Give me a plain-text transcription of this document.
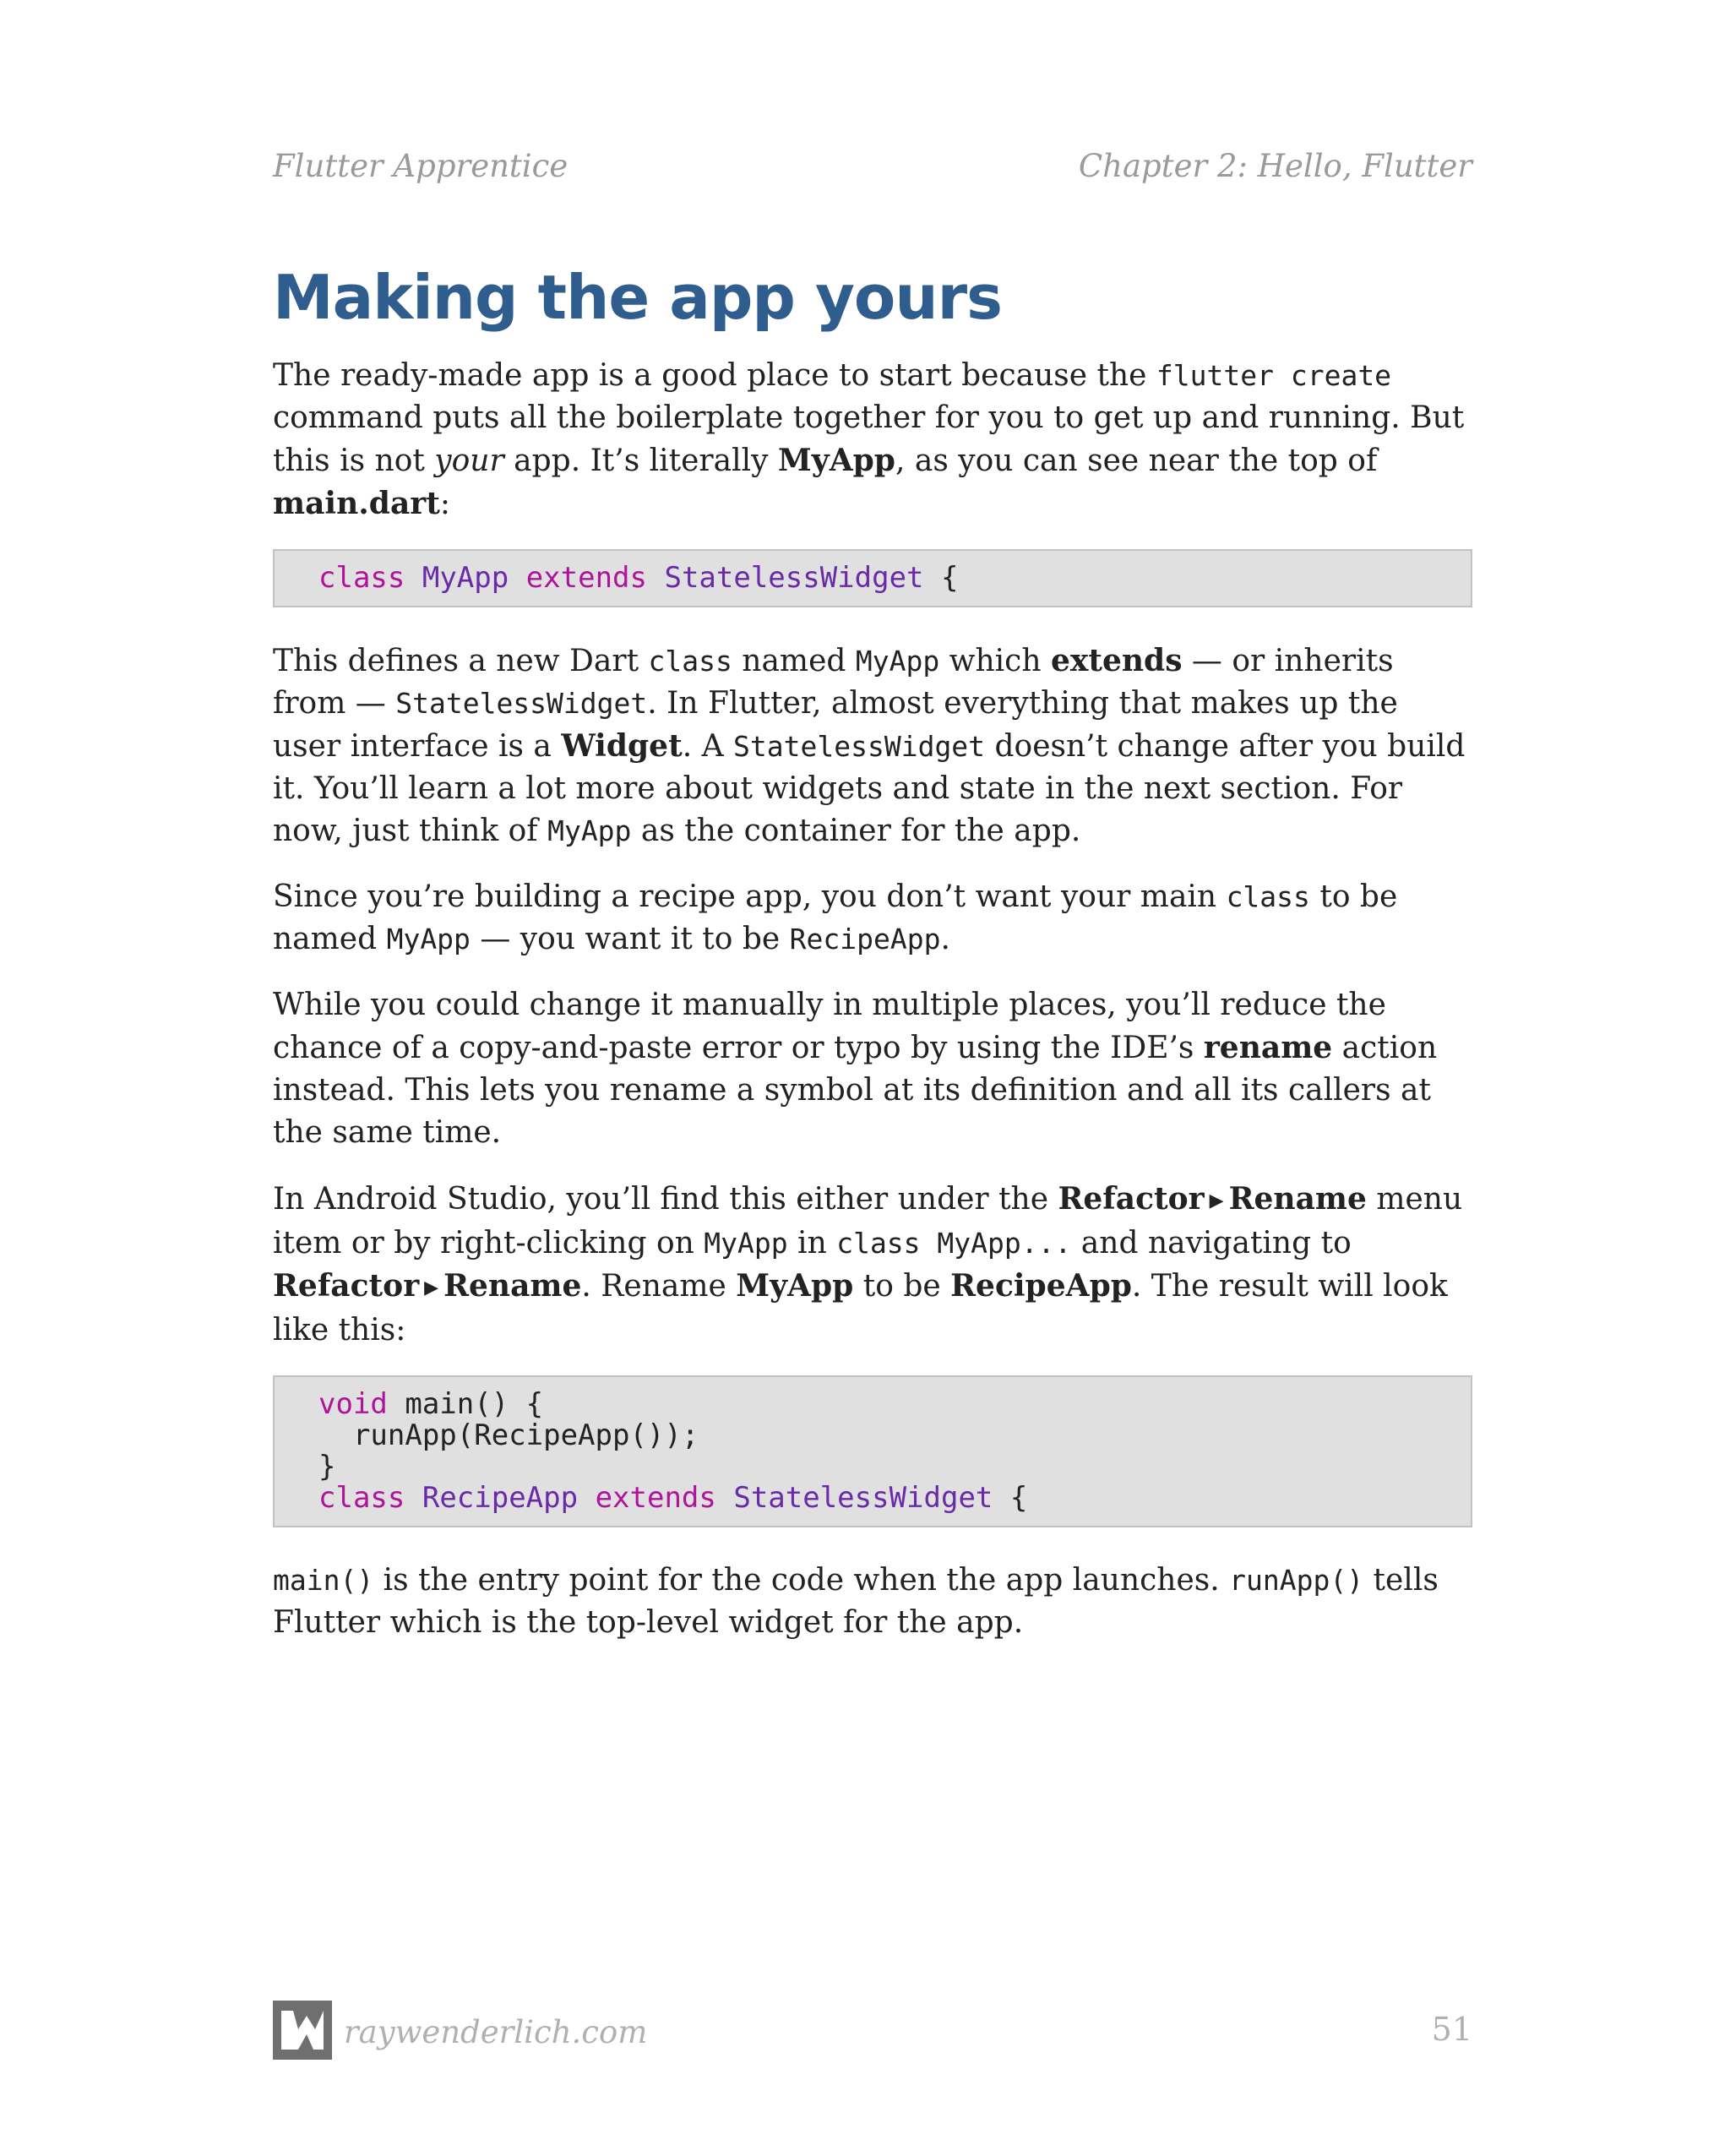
Flutter Apprentice	Chapter 2: Hello, Flutter
Making the app yours

The ready-made app is a good place to start because the flutter create command puts all the boilerplate together for you to get up and running. But this is not your app. It’s literally MyApp, as you can see near the top of main.dart:

class MyApp extends StatelessWidget {

This defines a new Dart class named MyApp which extends — or inherits from — StatelessWidget. In Flutter, almost everything that makes up the user interface is a Widget. A StatelessWidget doesn’t change after you build it. You’ll learn a lot more about widgets and state in the next section. For now, just think of MyApp as the container for the app.

Since you’re building a recipe app, you don’t want your main class to be named MyApp — you want it to be RecipeApp.

While you could change it manually in multiple places, you’ll reduce the chance of a copy-and-paste error or typo by using the IDE’s rename action instead. This lets you rename a symbol at its definition and all its callers at the same time.

In Android Studio, you’ll find this either under the Refactor ▶ Rename menu item or by right-clicking on MyApp in class MyApp... and navigating to Refactor ▶ Rename. Rename MyApp to be RecipeApp. The result will look like this:

void main() {
runApp(RecipeApp());
}
class RecipeApp extends StatelessWidget {

main() is the entry point for the code when the app launches. runApp() tells Flutter which is the top-level widget for the app.

raywenderlich.com	51
